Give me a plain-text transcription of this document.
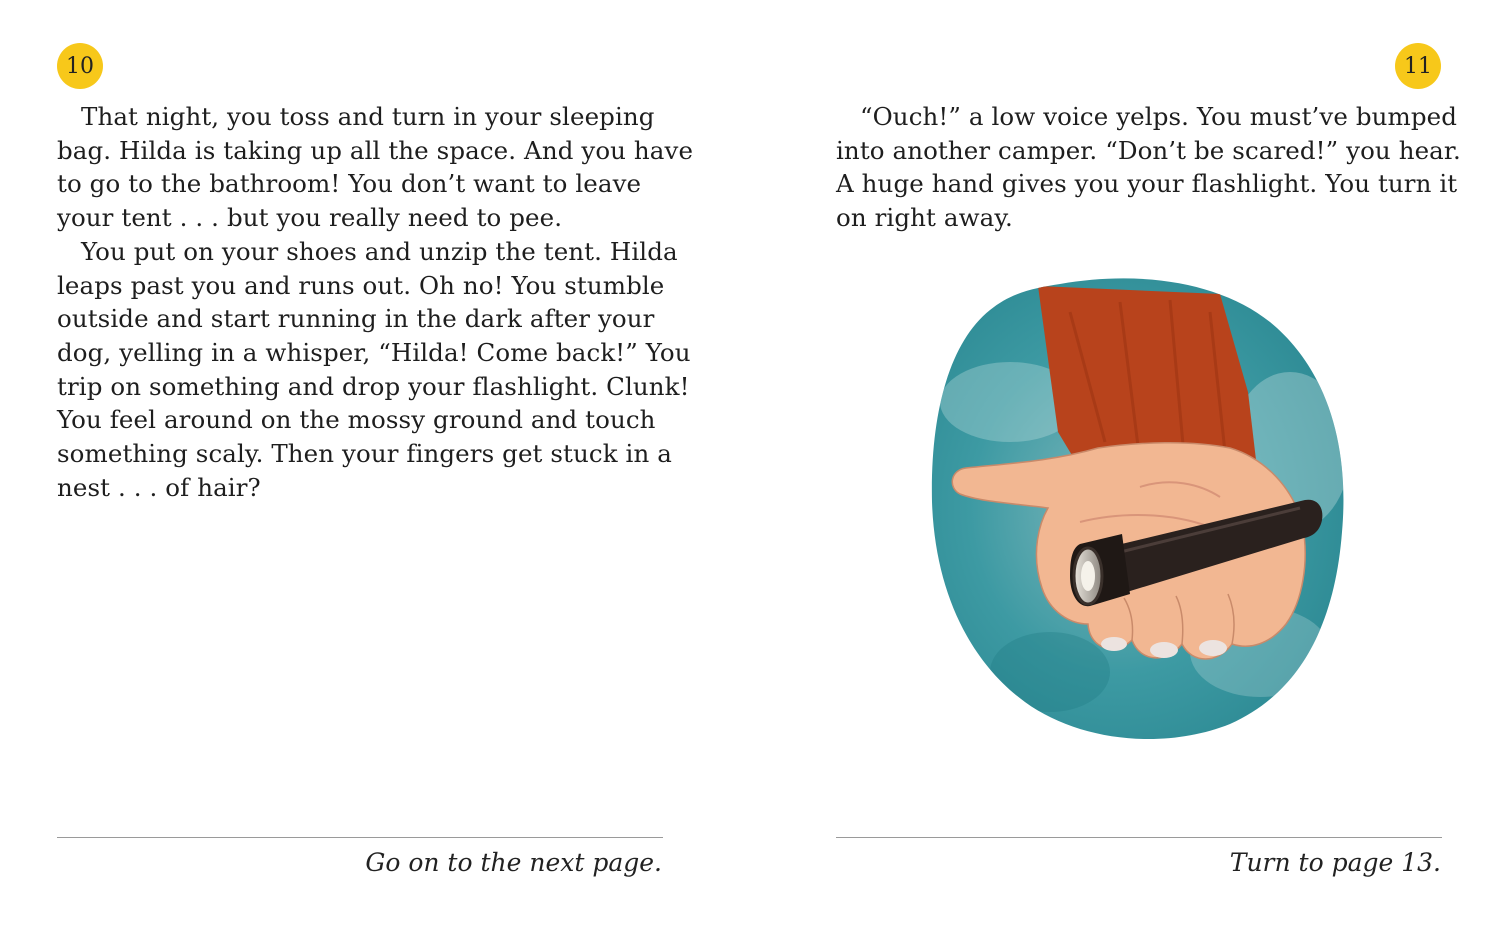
10

That night, you toss and turn in your sleeping
bag. Hilda is taking up all the space. And you have
to go to the bathroom! You don’t want to leave
your tent . . . but you really need to pee.

You put on your shoes and unzip the tent. Hilda
leaps past you and runs out. Oh no! You stumble
outside and start running in the dark after your
dog, yelling in a whisper, “Hilda! Come back!” You
trip on something and drop your flashlight. Clunk!
You feel around on the mossy ground and touch
something scaly. Then your fingers get stuck in a
nest . . . of hair?

Go on to the next page.
11

“Ouch!” a low voice yelps. You must’ve bumped
into another camper. “Don’t be scared!” you hear.
A huge hand gives you your flashlight. You turn it
on right away.

Turn to page 13.
